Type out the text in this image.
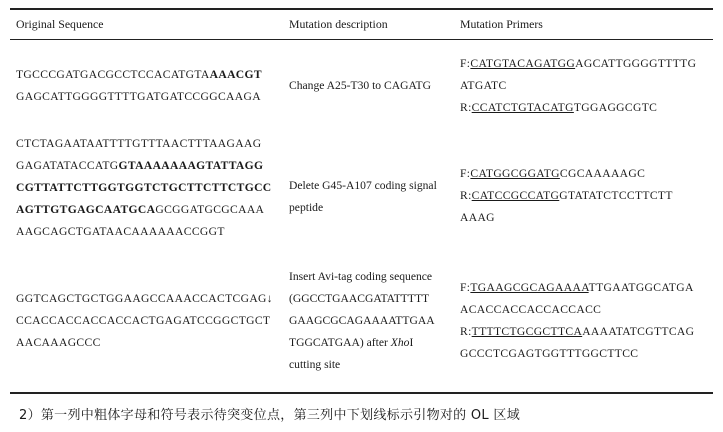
Original Sequence	Mutation description	Mutation Primers
TGCCCGATGACGCCTCCACATGTAAAACGT
GAGCATTGGGGTTTTGATGATCCGGCAAGA
Change A25-T30 to CAGATG
F:CATGTACAGATGGAGCATTGGGGTTTTG
ATGATC
R:CCATCTGTACATGTGGAGGCGTC
CTCTAGAATAATTTTGTTTAACTTTAAGAAG
GAGATATACCATGGTAAAAAAAGTATTAGG
CGTTATTCTTGGTGGTCTGCTTCTTCTGCC
AGTTGTGAGCAATGCAGCGGATGCGCAAA
AAGCAGCTGATAACAAAAAACCGGT
Delete G45-A107 coding signal
peptide
F:CATGGCGGATGCGCAAAAAGC
R:CATCCGCCATGGTATATCTCCTTCTT
AAAG
GGTCAGCTGCTGGAAGCCAAACCACTCGAG↓
CCACCACCACCACCACTGAGATCCGGCTGCT
AACAAAGCCC
Insert Avi-tag coding sequence
(GGCCTGAACGATATTTTT
GAAGCGCAGAAAATTGAA
TGGCATGAA) after XhoI
cutting site
F:TGAAGCGCAGAAAATTGAATGGCATGA
ACACCACCACCACCACC
R:TTTTCTGCGCTTCAAAAATATCGTTCAG
GCCCTCGAGTGGTTTGGCTTCC
2）第一列中粗体字母和符号表示待突变位点，第三列中下划线标示引物对的 OL 区域
